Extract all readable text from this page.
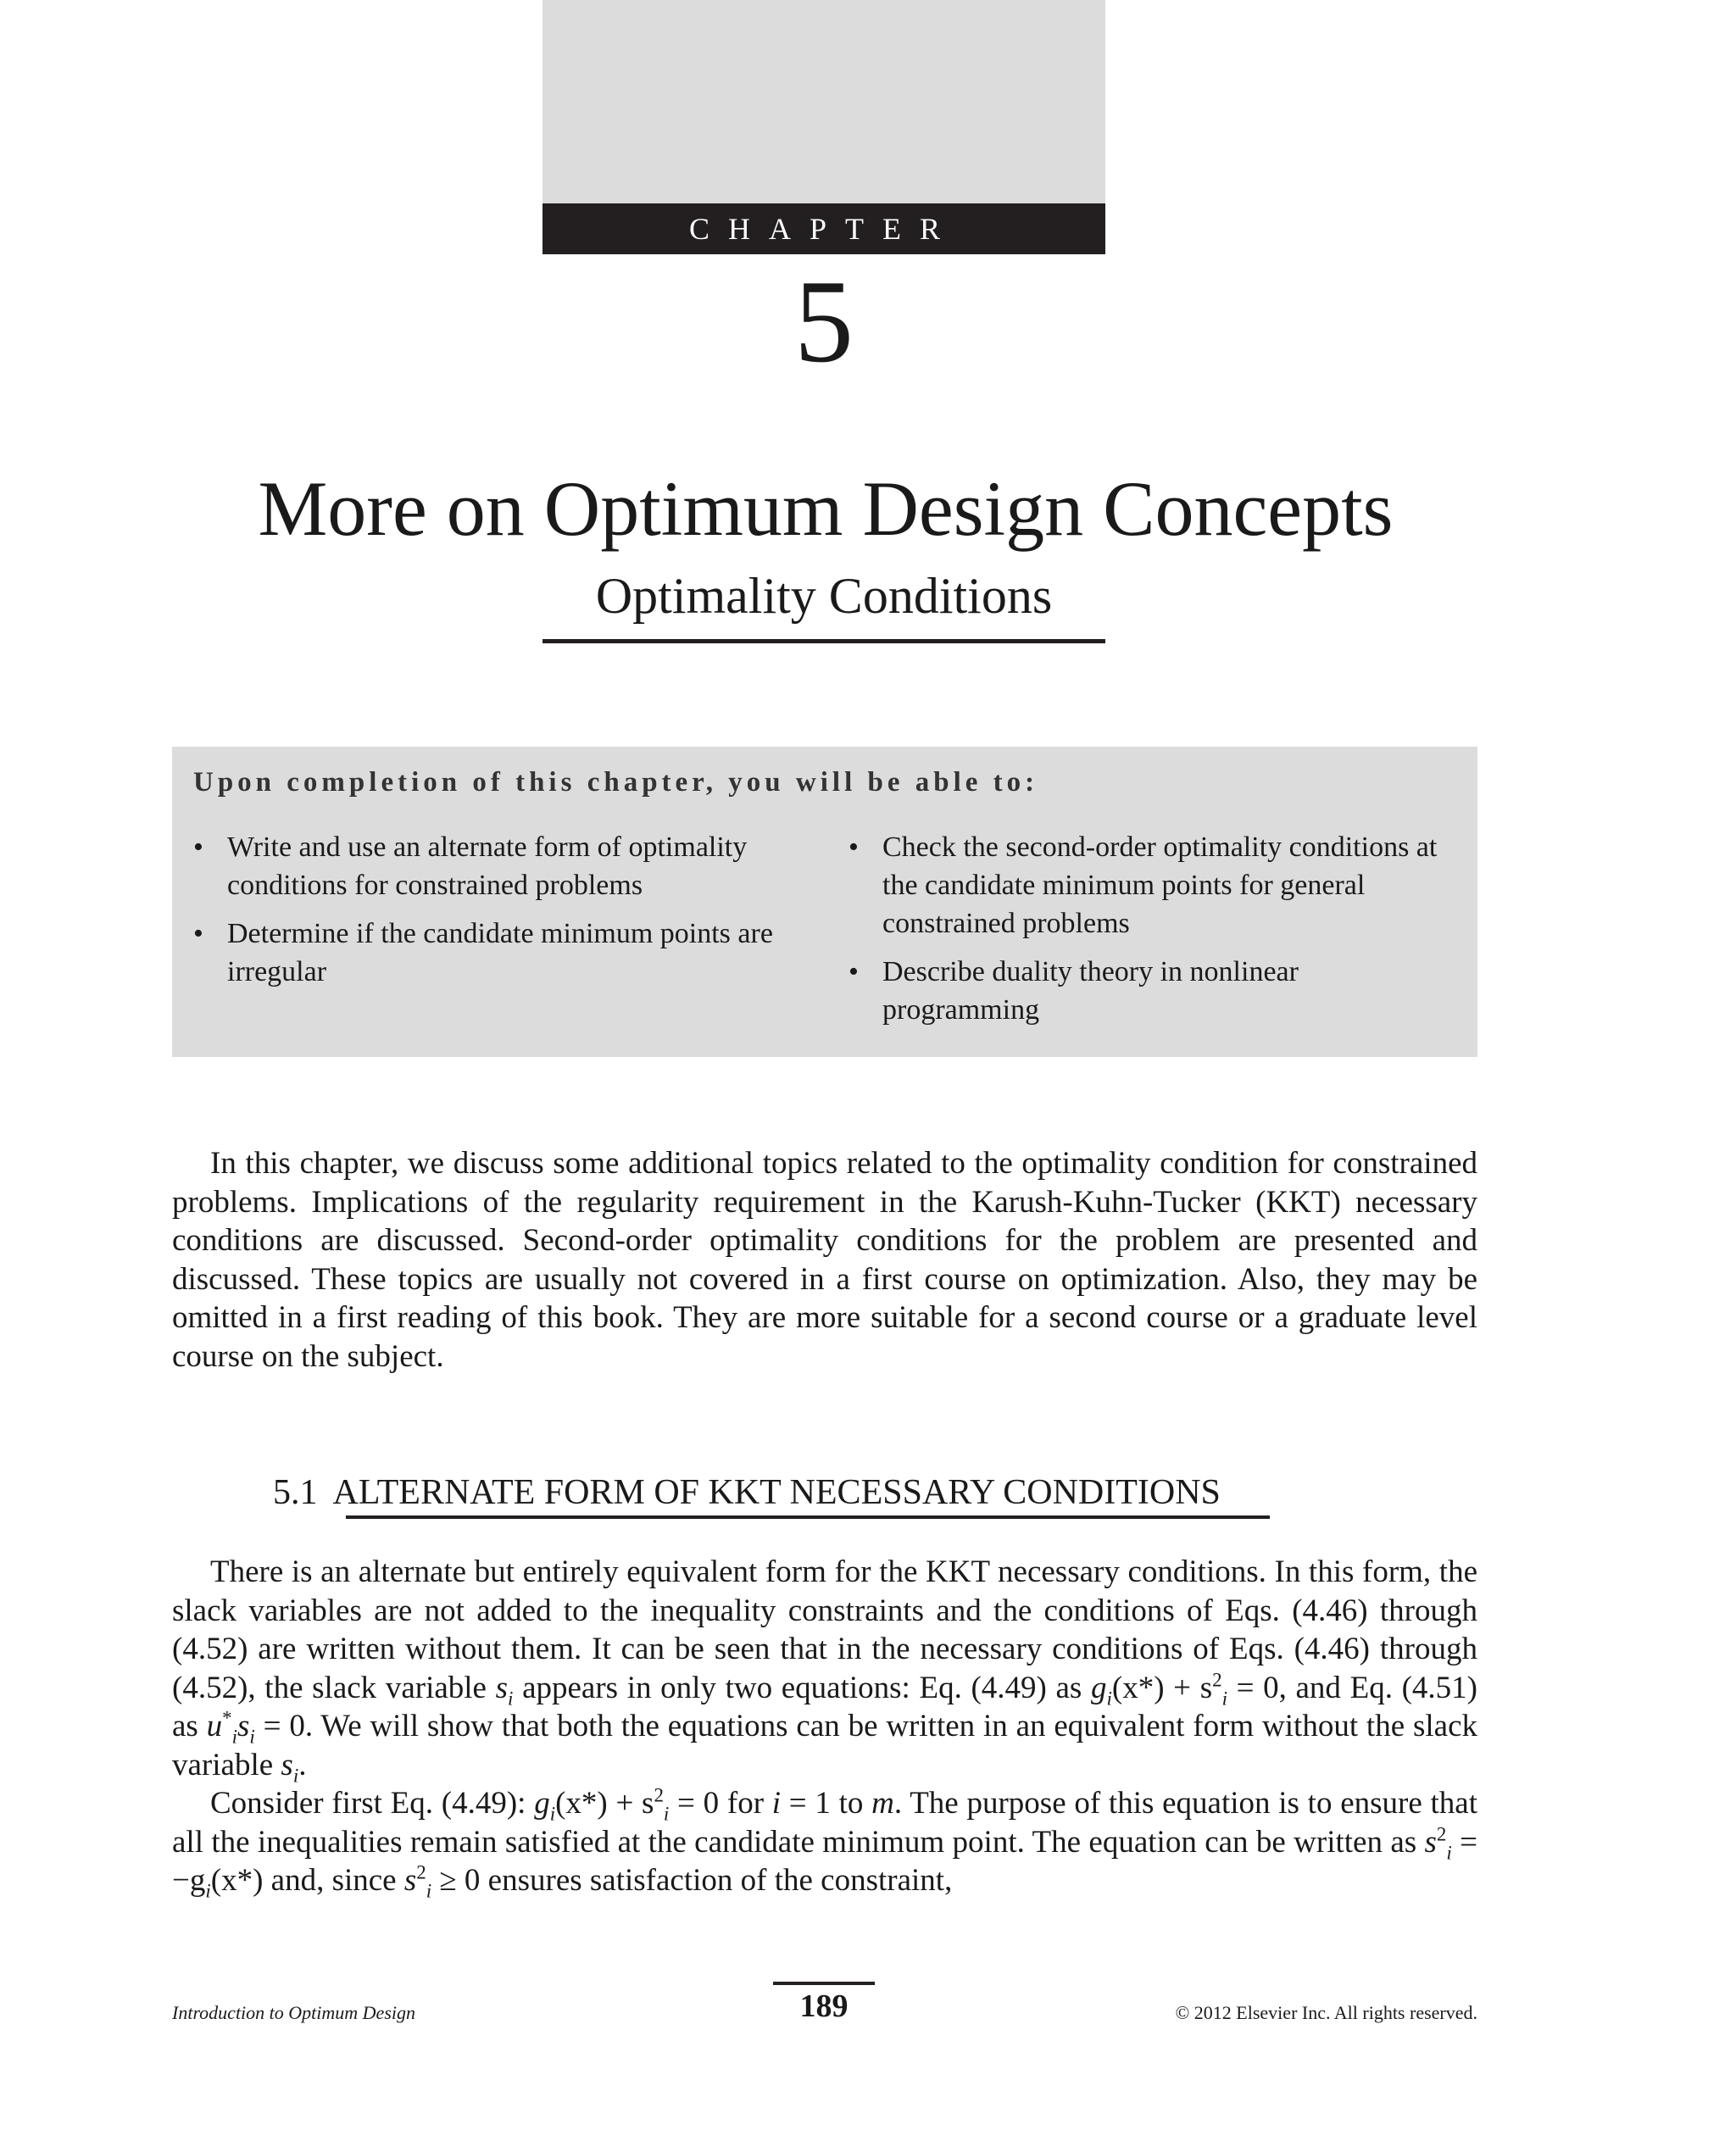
CHAPTER
5
More on Optimum Design Concepts
Optimality Conditions
Upon completion of this chapter, you will be able to:
• Write and use an alternate form of optimality conditions for constrained problems
• Determine if the candidate minimum points are irregular
• Check the second-order optimality conditions at the candidate minimum points for general constrained problems
• Describe duality theory in nonlinear programming

In this chapter, we discuss some additional topics related to the optimality condition for constrained problems. Implications of the regularity requirement in the Karush-Kuhn-Tucker (KKT) necessary conditions are discussed. Second-order optimality conditions for the problem are presented and discussed. These topics are usually not covered in a first course on optimization. Also, they may be omitted in a first reading of this book. They are more suitable for a second course or a graduate level course on the subject.

5.1 ALTERNATE FORM OF KKT NECESSARY CONDITIONS

There is an alternate but entirely equivalent form for the KKT necessary conditions. In this form, the slack variables are not added to the inequality constraints and the conditions of Eqs. (4.46) through (4.52) are written without them. It can be seen that in the necessary conditions of Eqs. (4.46) through (4.52), the slack variable $s_i$ appears in only two equations: Eq. (4.49) as $g_i(x*) + s^2_i = 0$, and Eq. (4.51) as $u^*_is_i = 0$. We will show that both the equations can be written in an equivalent form without the slack variable $s_i$.

Consider first Eq. (4.49): $g_i(x*) + s^2_i = 0$ for i = 1 to m. The purpose of this equation is to ensure that all the inequalities remain satisfied at the candidate minimum point. The equation can be written as $s^2_i = -g_i(x*)$ and, since $s^2_i \ge 0$ ensures satisfaction of the constraint,

Introduction to Optimum Design	189	© 2012 Elsevier Inc. All rights reserved.
